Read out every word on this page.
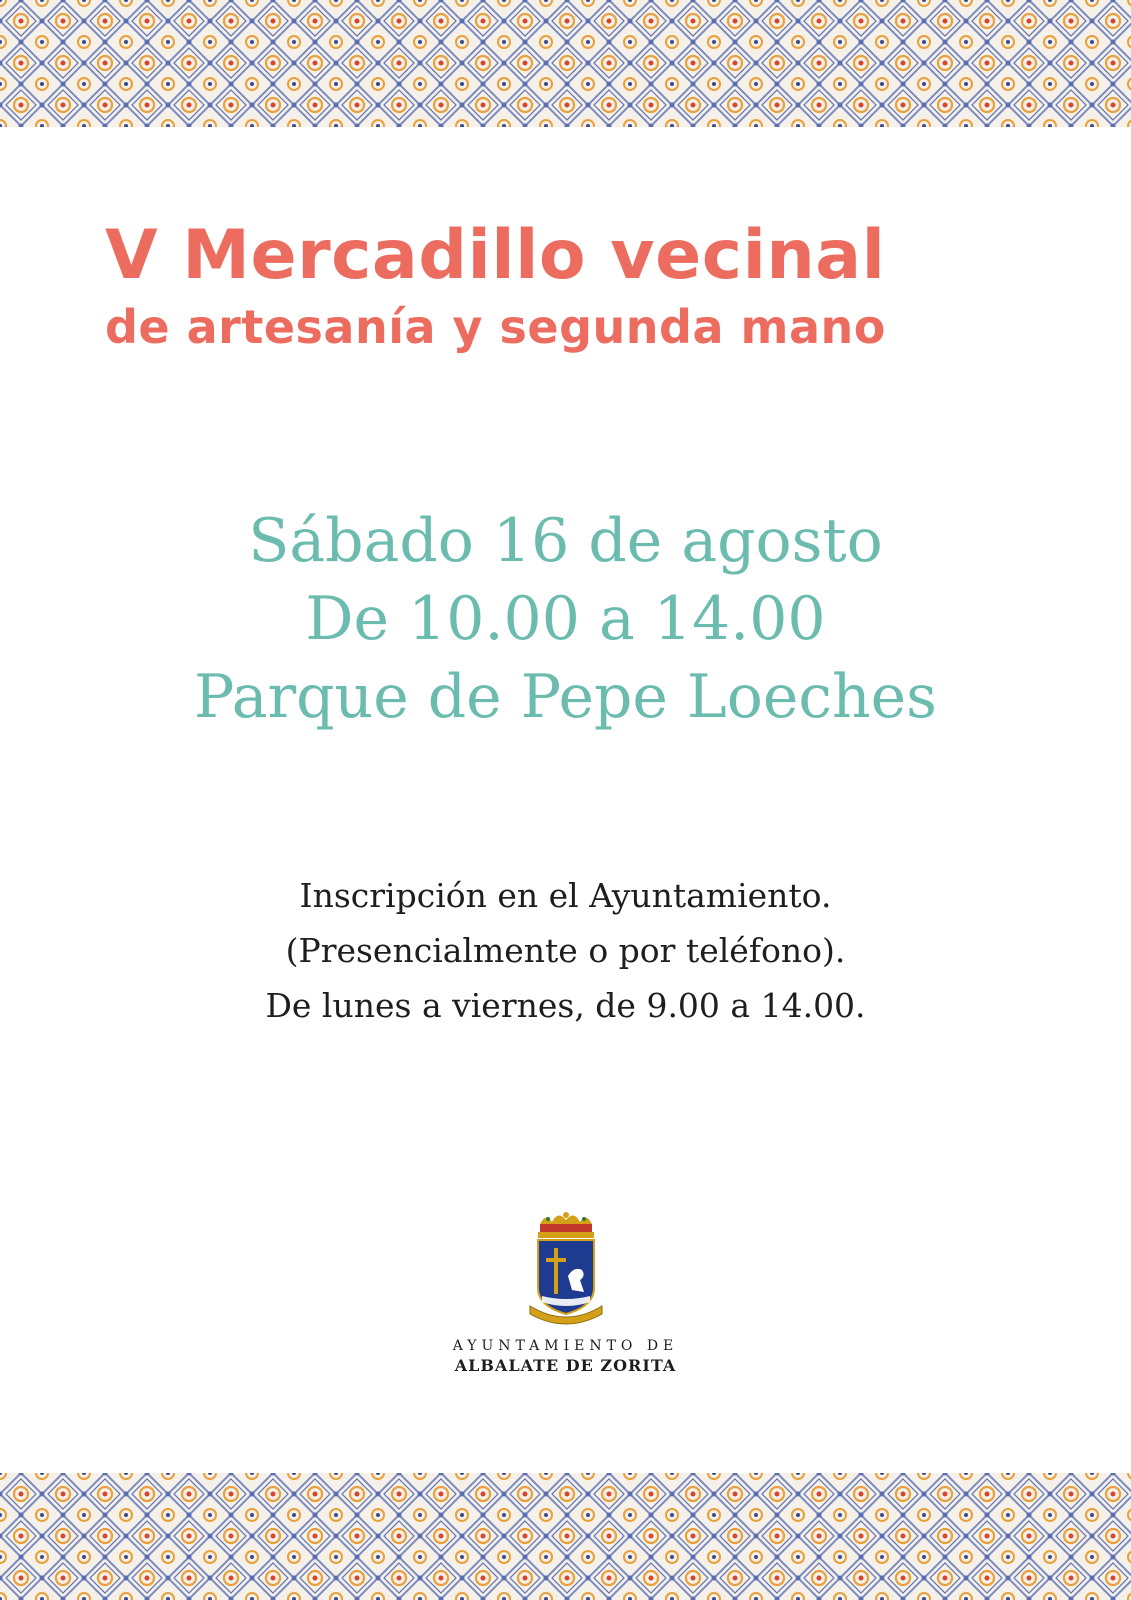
V Mercadillo vecinal
de artesanía y segunda mano

Sábado 16 de agosto

De 10.00 a 14.00

Parque de Pepe Loeches

Inscripción en el Ayuntamiento.

(Presencialmente o por teléfono).

De lunes a viernes, de 9.00 a 14.00.

AYUNTAMIENTO DE

ALBALATE DE ZORITA
